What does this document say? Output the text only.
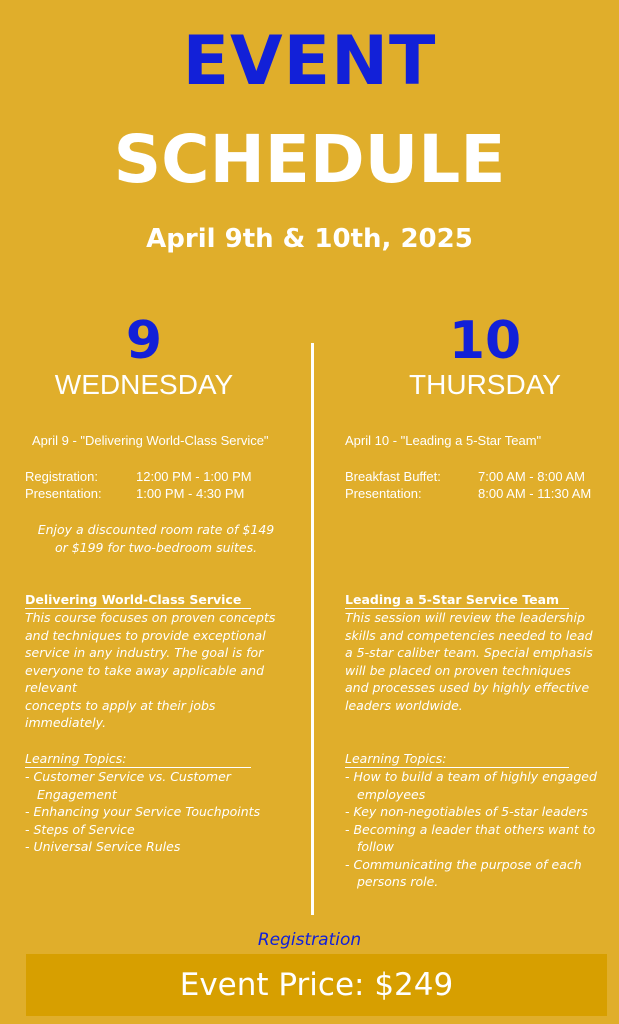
EVENT
SCHEDULE
April 9th & 10th, 2025
9
WEDNESDAY
April 9 - "Delivering World-Class Service"
Registration:	12:00 PM - 1:00 PM
Presentation:	1:00 PM - 4:30 PM
Enjoy a discounted room rate of $149
or $199 for two-bedroom suites.
Delivering World-Class Service
This course focuses on proven concepts
and techniques to provide exceptional
service in any industry. The goal is for
everyone to take away applicable and
relevant
concepts to apply at their jobs
immediately.
Learning Topics:
- Customer Service vs. Customer Engagement
- Enhancing your Service Touchpoints
- Steps of Service
- Universal Service Rules
10
THURSDAY
April 10 - "Leading a 5-Star Team"
Breakfast Buffet:	7:00 AM - 8:00 AM
Presentation:	8:00 AM - 11:30 AM
Leading a 5-Star Service Team
This session will review the leadership
skills and competencies needed to lead
a 5-star caliber team. Special emphasis
will be placed on proven techniques
and processes used by highly effective
leaders worldwide.
Learning Topics:
- How to build a team of highly engaged employees
- Key non-negotiables of 5-star leaders
- Becoming a leader that others want to follow
- Communicating the purpose of each persons role.
Registration
Event Price: $249
